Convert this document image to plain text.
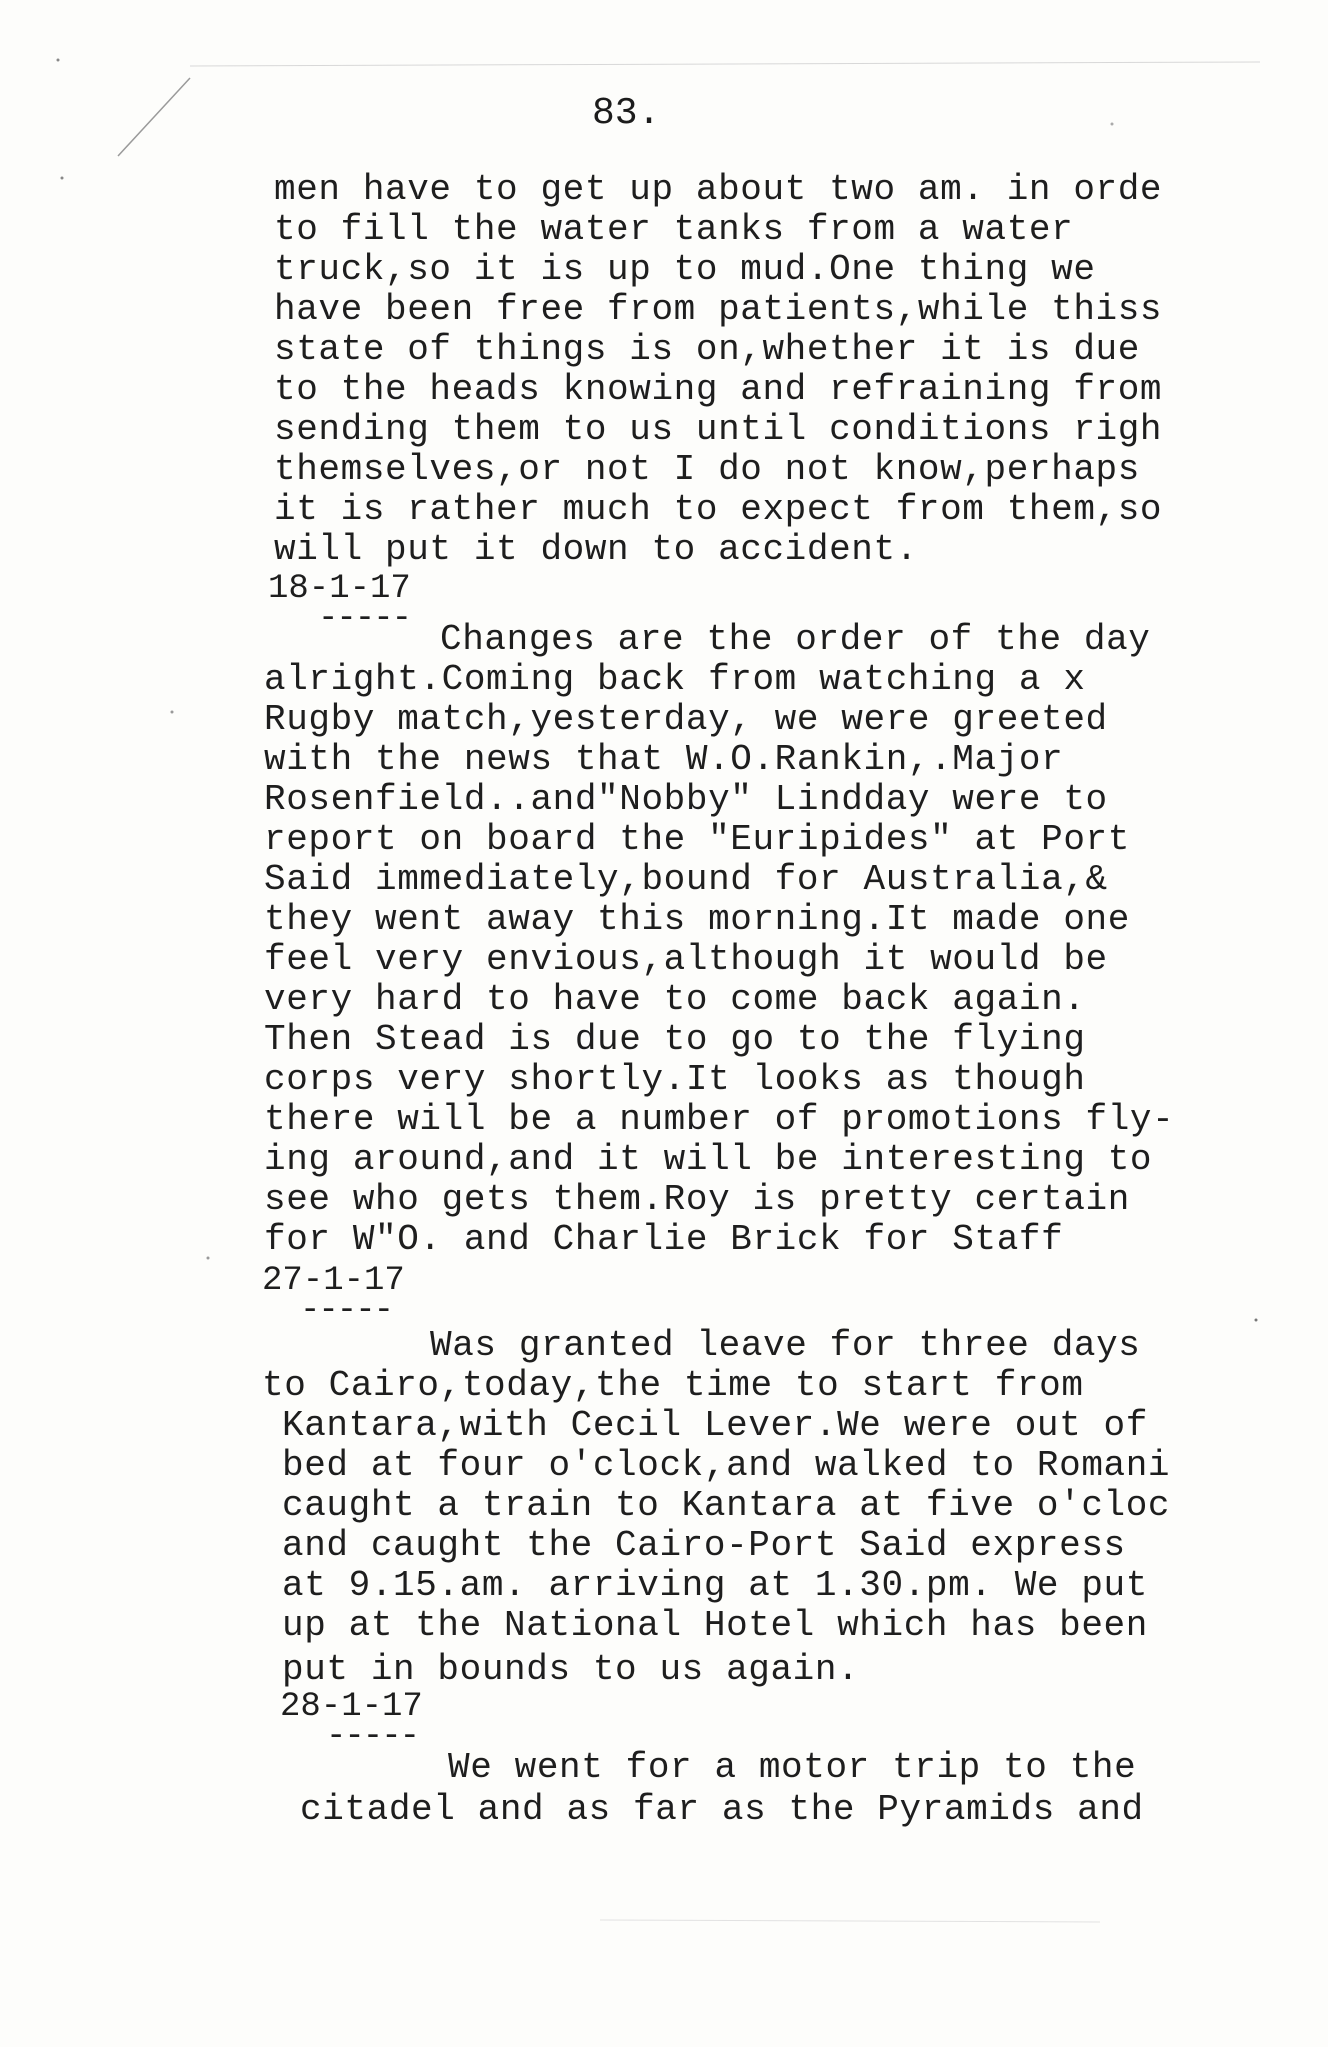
83.
men have to get up about two am. in orde
to fill the water tanks from a water
truck,so it is up to mud.One thing we
have been free from patients,while thiss
state of things is on,whether it is due
to the heads knowing and refraining from
sending them to us until conditions righ
themselves,or not I do not know,perhaps
it is rather much to expect from them,so
will put it down to accident.
18-1-17
----- Changes are the order of the day
alright.Coming back from watching a x
Rugby match,yesterday, we were greeted
with the news that W.O.Rankin,.Major
Rosenfield..and"Nobby" Lindday were to
report on board the "Euripides" at Port
Said immediately,bound for Australia,&
they went away this morning.It made one
feel very envious,although it would be
very hard to have to come back again.
Then Stead is due to go to the flying
corps very shortly.It looks as though
there will be a number of promotions fly-
ing around,and it will be interesting to
see who gets them.Roy is pretty certain
for W"O. and Charlie Brick for Staff
27-1-17
-----
Was granted leave for three days
to Cairo,today,the time to start from
Kantara,with Cecil Lever.We were out of
bed at four o'clock,and walked to Romani
caught a train to Kantara at five o'cloc
and caught the Cairo-Port Said express
at 9.15.am. arriving at 1.30.pm. We put
up at the National Hotel which has been
put in bounds to us again.
28-1-17
-----
We went for a motor trip to the
citadel and as far as the Pyramids and
